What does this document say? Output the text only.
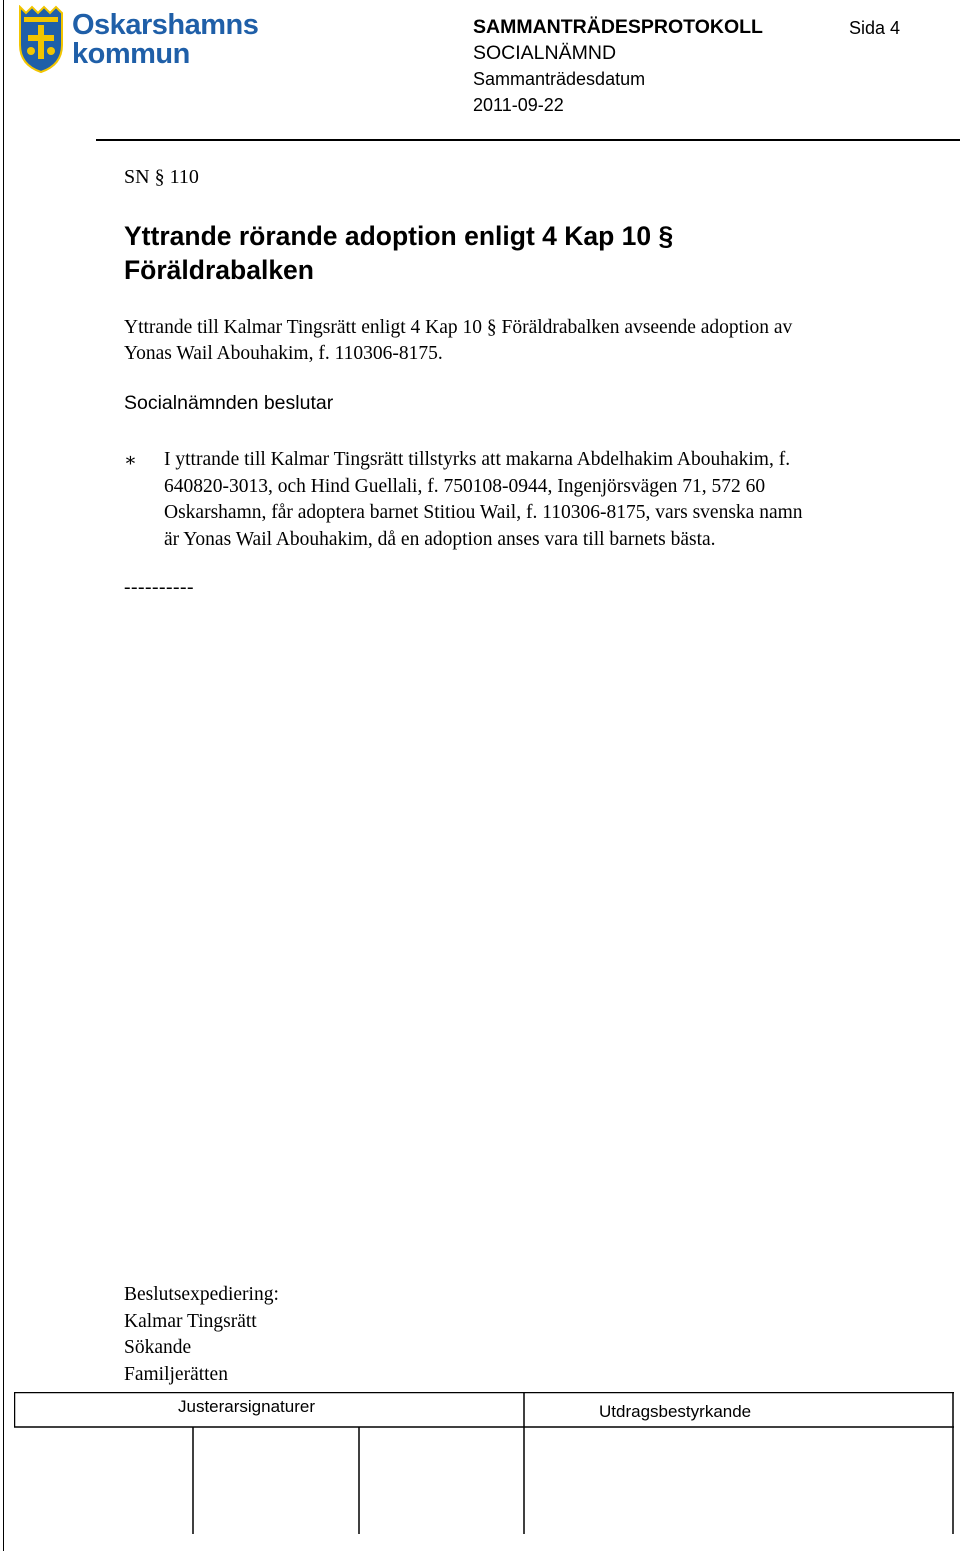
Oskarshamns
kommun
SAMMANTRÄDESPROTOKOLL
SOCIALNÄMND
Sammanträdesdatum
2011-09-22
Sida 4
SN § 110
Yttrande rörande adoption enligt 4 Kap 10 §
Föräldrabalken
Yttrande till Kalmar Tingsrätt enligt 4 Kap 10 § Föräldrabalken avseende adoption av
Yonas Wail Abouhakim, f. 110306-8175.
Socialnämnden beslutar
∗ I yttrande till Kalmar Tingsrätt tillstyrks att makarna Abdelhakim Abouhakim, f.
640820-3013, och Hind Guellali, f. 750108-0944, Ingenjörsvägen 71, 572 60
Oskarshamn, får adoptera barnet Stitiou Wail, f. 110306-8175, vars svenska namn
är Yonas Wail Abouhakim, då en adoption anses vara till barnets bästa.
----------
Beslutsexpediering:
Kalmar Tingsrätt
Sökande
Familjerätten
Justerarsignaturer	Utdragsbestyrkande
